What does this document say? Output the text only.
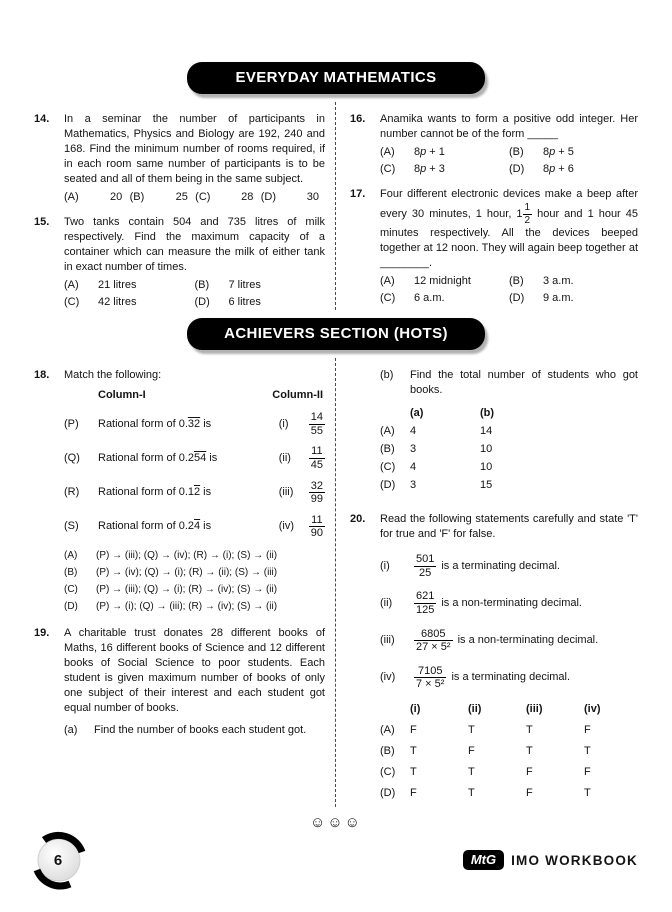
EVERYDAY MATHEMATICS
14.	In a seminar the number of participants in Mathematics, Physics and Biology are 192, 240 and 168. Find the minimum number of rooms required, if in each room same number of participants is to be seated and all of them being in the same subject.
(A)	20 (B)	25 (C)	28 (D)	30
15.	Two tanks contain 504 and 735 litres of milk respectively. Find the maximum capacity of a container which can measure the milk of either tank in exact number of times.
(A)	21 litres	(B)	7 litres
(C)	42 litres	(D)	6 litres
16.	Anamika wants to form a positive odd integer. Her number cannot be of the form _____
(A)	8p + 1	(B)	8p + 5
(C)	8p + 3	(D)	8p + 6
17.	Four different electronic devices make a beep after every 30 minutes, 1 hour, $1 \frac{1}{2}$ hour and 1 hour 45 minutes respectively. All the devices beeped together at 12 noon. They will again beep together at ________.
(A)	12 midnight	(B)	3 a.m.
(C)	6 a.m.	(D)	9 a.m.
ACHIEVERS SECTION (HOTS)
18.	Match the following:
Column-I	Column-II
(P)	Rational form of 0.32 is	(i)	$\frac{14}{55}$
(Q)	Rational form of 0.254 is	(ii)	$\frac{11}{45}$
(R)	Rational form of 0.12 is	(iii)	$\frac{32}{99}$
(S)	Rational form of 0.24 is	(iv)	$\frac{11}{90}$
(A)	(P) → (iii); (Q) → (iv); (R) → (i); (S) → (ii)
(B)	(P) → (iv); (Q) → (i); (R) → (ii); (S) → (iii)
(C)	(P) → (iii); (Q) → (i); (R) → (iv); (S) → (ii)
(D)	(P) → (i); (Q) → (iii); (R) → (iv); (S) → (ii)
19.	A charitable trust donates 28 different books of Maths, 16 different books of Science and 12 different books of Social Science to poor students. Each student is given maximum number of books of only one subject of their interest and each student got equal number of books.
(a)	Find the number of books each student got.
(b)	Find the total number of students who got books.
(a)	(b)
(A)	4	14
(B)	3	10
(C)	4	10
(D)	3	15
20.	Read the following statements carefully and state 'T' for true and 'F' for false.
(i)	$\frac{501}{25}$ is a terminating decimal.
(ii)	$\frac{621}{125}$ is a non-terminating decimal.
(iii)	$\frac{6805}{\text{27 × 5²}}$ is a non-terminating decimal.
(iv)	$\frac{7105}{\text{7 × 5²}}$ is a terminating decimal.
(i)	(ii)	(iii)	(iv)
(A)	F	T	T	F
(B)	T	F	T	T
(C)	T	T	F	F
(D)	F	T	F	T
☺☺☺
6	MtG	IMO WORKBOOK
